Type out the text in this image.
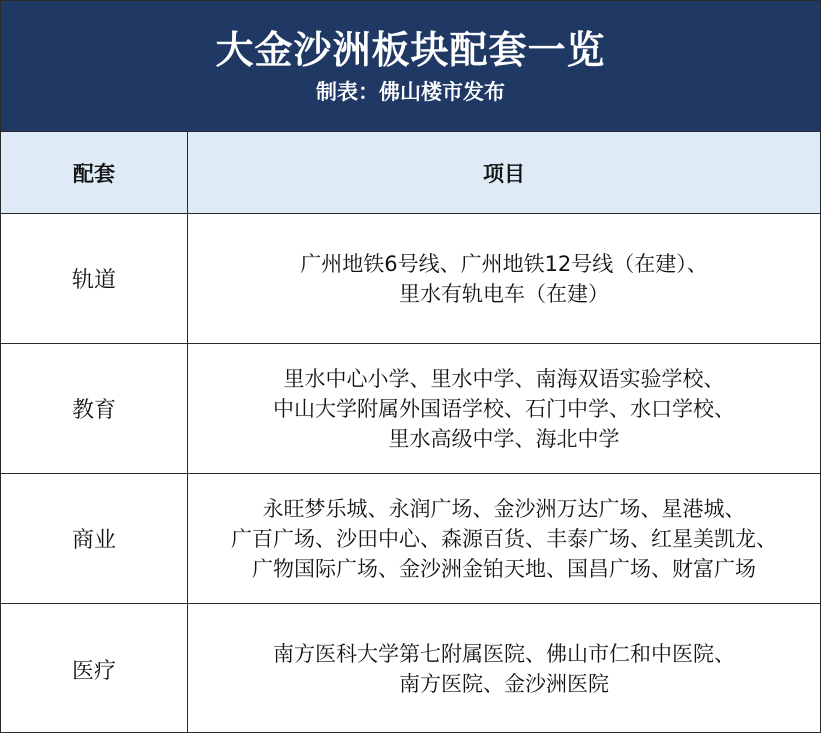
大金沙洲板块配套一览
制表：佛山楼市发布
配套	项目
轨道
广州地铁6号线、广州地铁12号线（在建）、
里水有轨电车（在建）
教育
里水中心小学、里水中学、南海双语实验学校、
中山大学附属外国语学校、石门中学、水口学校、
里水高级中学、海北中学
商业
永旺梦乐城、永润广场、金沙洲万达广场、星港城、
广百广场、沙田中心、森源百货、丰泰广场、红星美凯龙、
广物国际广场、金沙洲金铂天地、国昌广场、财富广场
医疗
南方医科大学第七附属医院、佛山市仁和中医院、
南方医院、金沙洲医院
